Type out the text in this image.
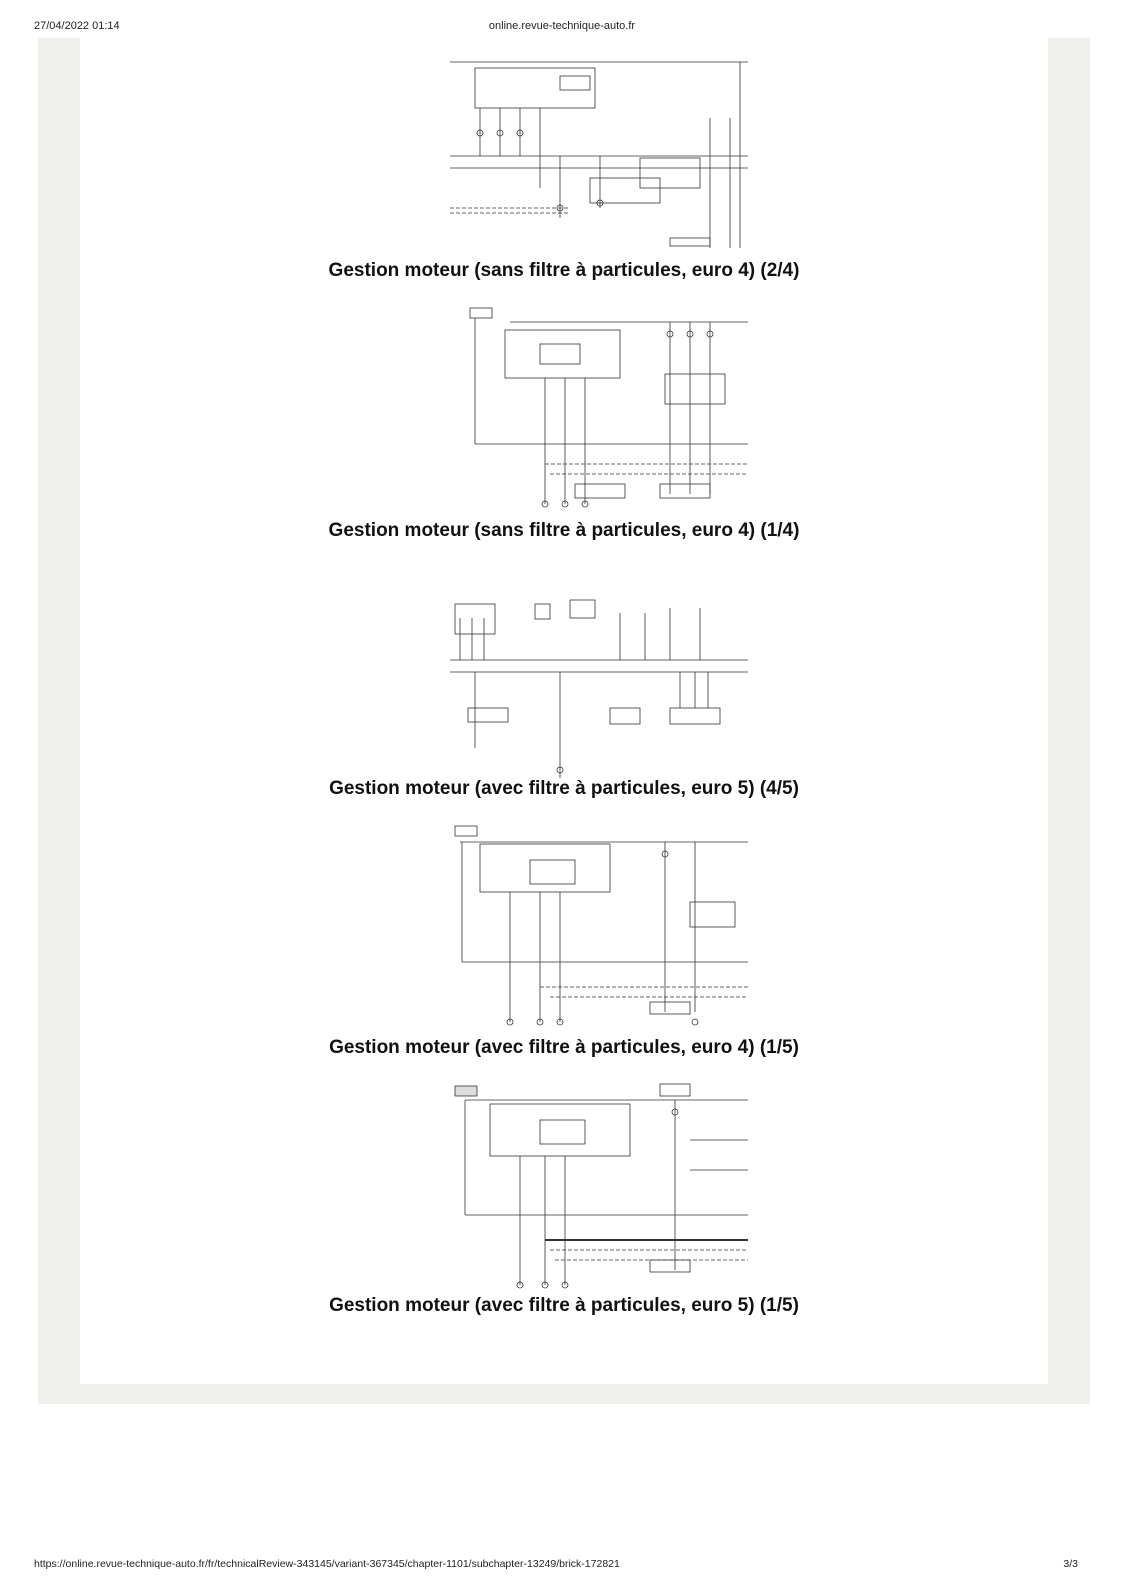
27/04/2022 01:14	online.revue-technique-auto.fr
Gestion moteur (sans filtre à particules, euro 4) (2/4)
Gestion moteur (sans filtre à particules, euro 4) (1/4)
Gestion moteur (avec filtre à particules, euro 5) (4/5)
Gestion moteur (avec filtre à particules, euro 4) (1/5)
Gestion moteur (avec filtre à particules, euro 5) (1/5)
https://online.revue-technique-auto.fr/fr/technicalReview-343145/variant-367345/chapter-1101/subchapter-13249/brick-172821	3/3
